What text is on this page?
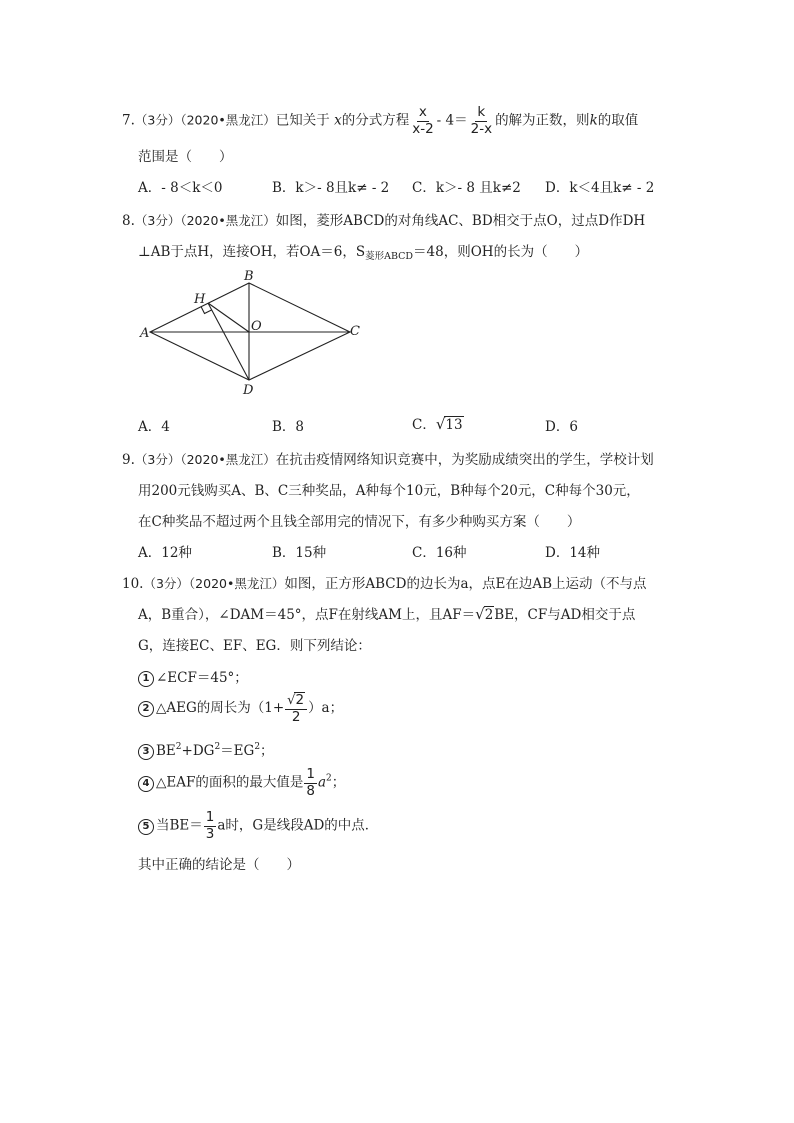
7.（3分）（2020•黑龙江）已知关于 x的分式方程 $\frac{x}{x-2} - 4= \frac{k}{2-x}$ 的解为正数，则k的取值
范围是（　　）
A．- 8＜k＜0	B．k＞- 8且k≠ - 2 C．k＞- 8 且k≠2 D．k＜4且k≠ - 2
8.（3分）（2020•黑龙江）如图，菱形ABCD的对角线AC、BD相交于点O，过点D作DH
⊥AB于点H，连接OH，若OA＝6，$S_{菱形ABCD}=48$，则OH的长为（　　）
A
B
C
D
H
O
A．4	B．8	C．√13	D．6
9.（3分）（2020•黑龙江）在抗击疫情网络知识竞赛中，为奖励成绩突出的学生，学校计划
用200元钱购买A、B、C三种奖品，A种每个10元，B种每个20元，C种每个30元，
在C种奖品不超过两个且钱全部用完的情况下，有多少种购买方案（　　）
A．12种	B．15种	C．16种	D．14种
10.（3分）（2020•黑龙江）如图，正方形ABCD的边长为a，点E在边AB上运动（不与点
A，B重合），∠DAM＝45°，点F在射线AM上，且AF＝√2BE，CF与AD相交于点
G，连接EC、EF、EG．则下列结论：
1 ∠ECF＝45°；
2 △AEG的周长为$(1+ \frac{√2}{2} )a$；
3 $BE^2+DG^2=EG^2$；
4 △EAF的面积的最大值是 $\frac{1}{8} a^2$；
5 当$BE= \frac{1}{3}$ a时，G是线段AD的中点．
其中正确的结论是（　　）
